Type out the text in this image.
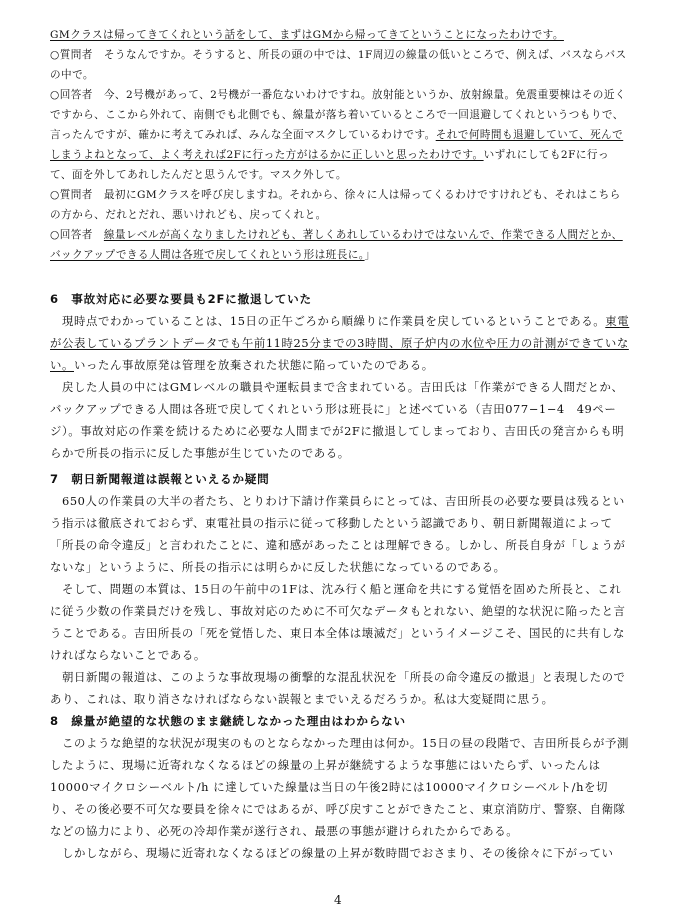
GMクラスは帰ってきてくれという話をして、まずはGMから帰ってきてということになったわけです。

○質問者　そうなんですか。そうすると、所長の頭の中では、1F周辺の線量の低いところで、例えば、バスならバスの中で。

○回答者　今、2号機があって、2号機が一番危ないわけですね。放射能というか、放射線量。免震重要棟はその近くですから、ここから外れて、南側でも北側でも、線量が落ち着いているところで一回退避してくれというつもりで、言ったんですが、確かに考えてみれば、みんな全面マスクしているわけです。それで何時間も退避していて、死んでしまうよねとなって、よく考えれば2Fに行った方がはるかに正しいと思ったわけです。いずれにしても2Fに行って、面を外してあれしたんだと思うんです。マスク外して。

○質問者　最初にGMクラスを呼び戻しますね。それから、徐々に人は帰ってくるわけですけれども、それはこちらの方から、だれとだれ、悪いけれども、戻ってくれと。

○回答者　線量レベルが高くなりましたけれども、著しくあれしているわけではないんで、作業できる人間だとか、バックアップできる人間は各班で戻してくれという形は班長に。」

6　事故対応に必要な要員も2Fに撤退していた

　現時点でわかっていることは、15日の正午ごろから順繰りに作業員を戻しているということである。東電が公表しているプラントデータでも午前11時25分までの3時間、原子炉内の水位や圧力の計測ができていない。いったん事故原発は管理を放棄された状態に陥っていたのである。

　戻した人員の中にはGMレベルの職員や運転員まで含まれている。吉田氏は「作業ができる人間だとか、バックアップできる人間は各班で戻してくれという形は班長に」と述べている（吉田077−1−4　49ページ）。事故対応の作業を続けるために必要な人間までが2Fに撤退してしまっており、吉田氏の発言からも明らかで所長の指示に反した事態が生じていたのである。

7　朝日新聞報道は誤報といえるか疑問

　650人の作業員の大半の者たち、とりわけ下請け作業員らにとっては、吉田所長の必要な要員は残るという指示は徹底されておらず、東電社員の指示に従って移動したという認識であり、朝日新聞報道によって「所長の命令違反」と言われたことに、違和感があったことは理解できる。しかし、所長自身が「しょうがないな」というように、所長の指示には明らかに反した状態になっているのである。

　そして、問題の本質は、15日の午前中の1Fは、沈み行く船と運命を共にする覚悟を固めた所長と、これに従う少数の作業員だけを残し、事故対応のために不可欠なデータもとれない、絶望的な状況に陥ったと言うことである。吉田所長の「死を覚悟した、東日本全体は壊滅だ」というイメージこそ、国民的に共有しなければならないことである。

　朝日新聞の報道は、このような事故現場の衝撃的な混乱状況を「所長の命令違反の撤退」と表現したのであり、これは、取り消さなければならない誤報とまでいえるだろうか。私は大変疑問に思う。

8　線量が絶望的な状態のまま継続しなかった理由はわからない

　このような絶望的な状況が現実のものとならなかった理由は何か。15日の昼の段階で、吉田所長らが予測したように、現場に近寄れなくなるほどの線量の上昇が継続するような事態にはいたらず、いったんは10000マイクロシーベルト/h に達していた線量は当日の午後2時には10000マイクロシーベルト/hを切り、その後必要不可欠な要員を徐々にではあるが、呼び戻すことができたこと、東京消防庁、警察、自衛隊などの協力により、必死の冷却作業が遂行され、最悪の事態が避けられたからである。

　しかしながら、現場に近寄れなくなるほどの線量の上昇が数時間でおさまり、その後徐々に下がってい

4
